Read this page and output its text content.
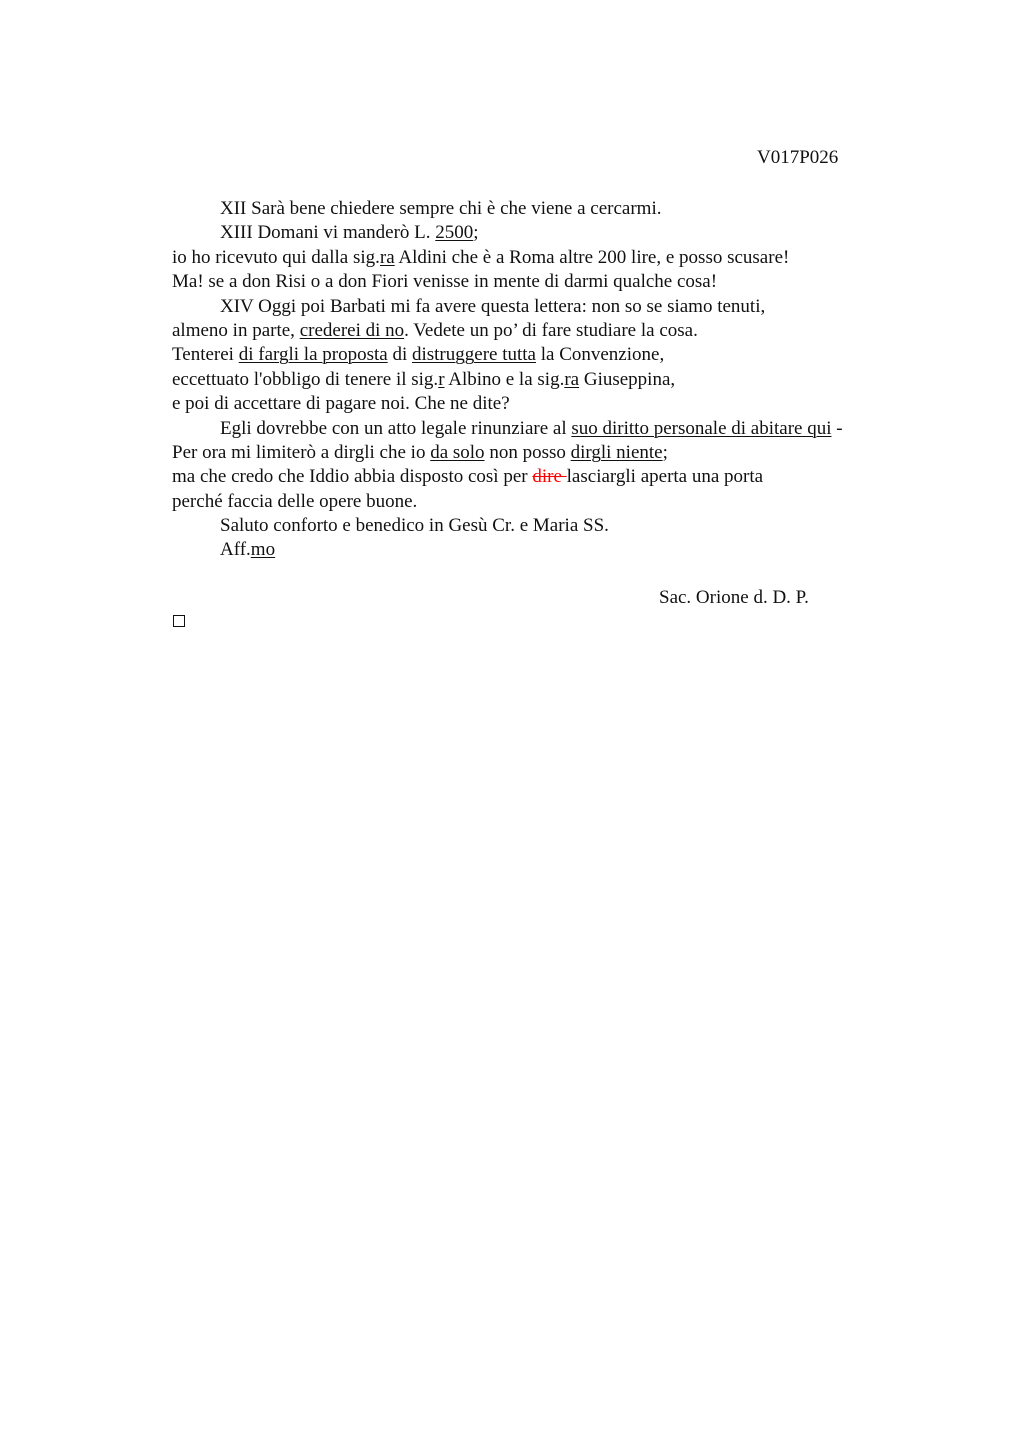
V017P026
XII Sarà bene chiedere sempre chi è che viene a cercarmi.
XIII Domani vi manderò L. 2500;
io ho ricevuto qui dalla sig.ra Aldini che è a Roma altre 200 lire, e posso scusare!
Ma! se a don Risi o a don Fiori venisse in mente di darmi qualche cosa!
XIV Oggi poi Barbati mi fa avere questa lettera: non so se siamo tenuti,
almeno in parte, crederei di no. Vedete un po’ di fare studiare la cosa.
Tenterei di fargli la proposta di distruggere tutta la Convenzione,
eccettuato l'obbligo di tenere il sig.r Albino e la sig.ra Giuseppina,
e poi di accettare di pagare noi. Che ne dite?
Egli dovrebbe con un atto legale rinunziare al suo diritto personale di abitare qui -
Per ora mi limiterò a dirgli che io da solo non posso dirgli niente;
ma che credo che Iddio abbia disposto così per dire lasciargli aperta una porta
perché faccia delle opere buone.
Saluto conforto e benedico in Gesù Cr. e Maria SS.
Aff.mo
Sac. Orione d. D. P.
